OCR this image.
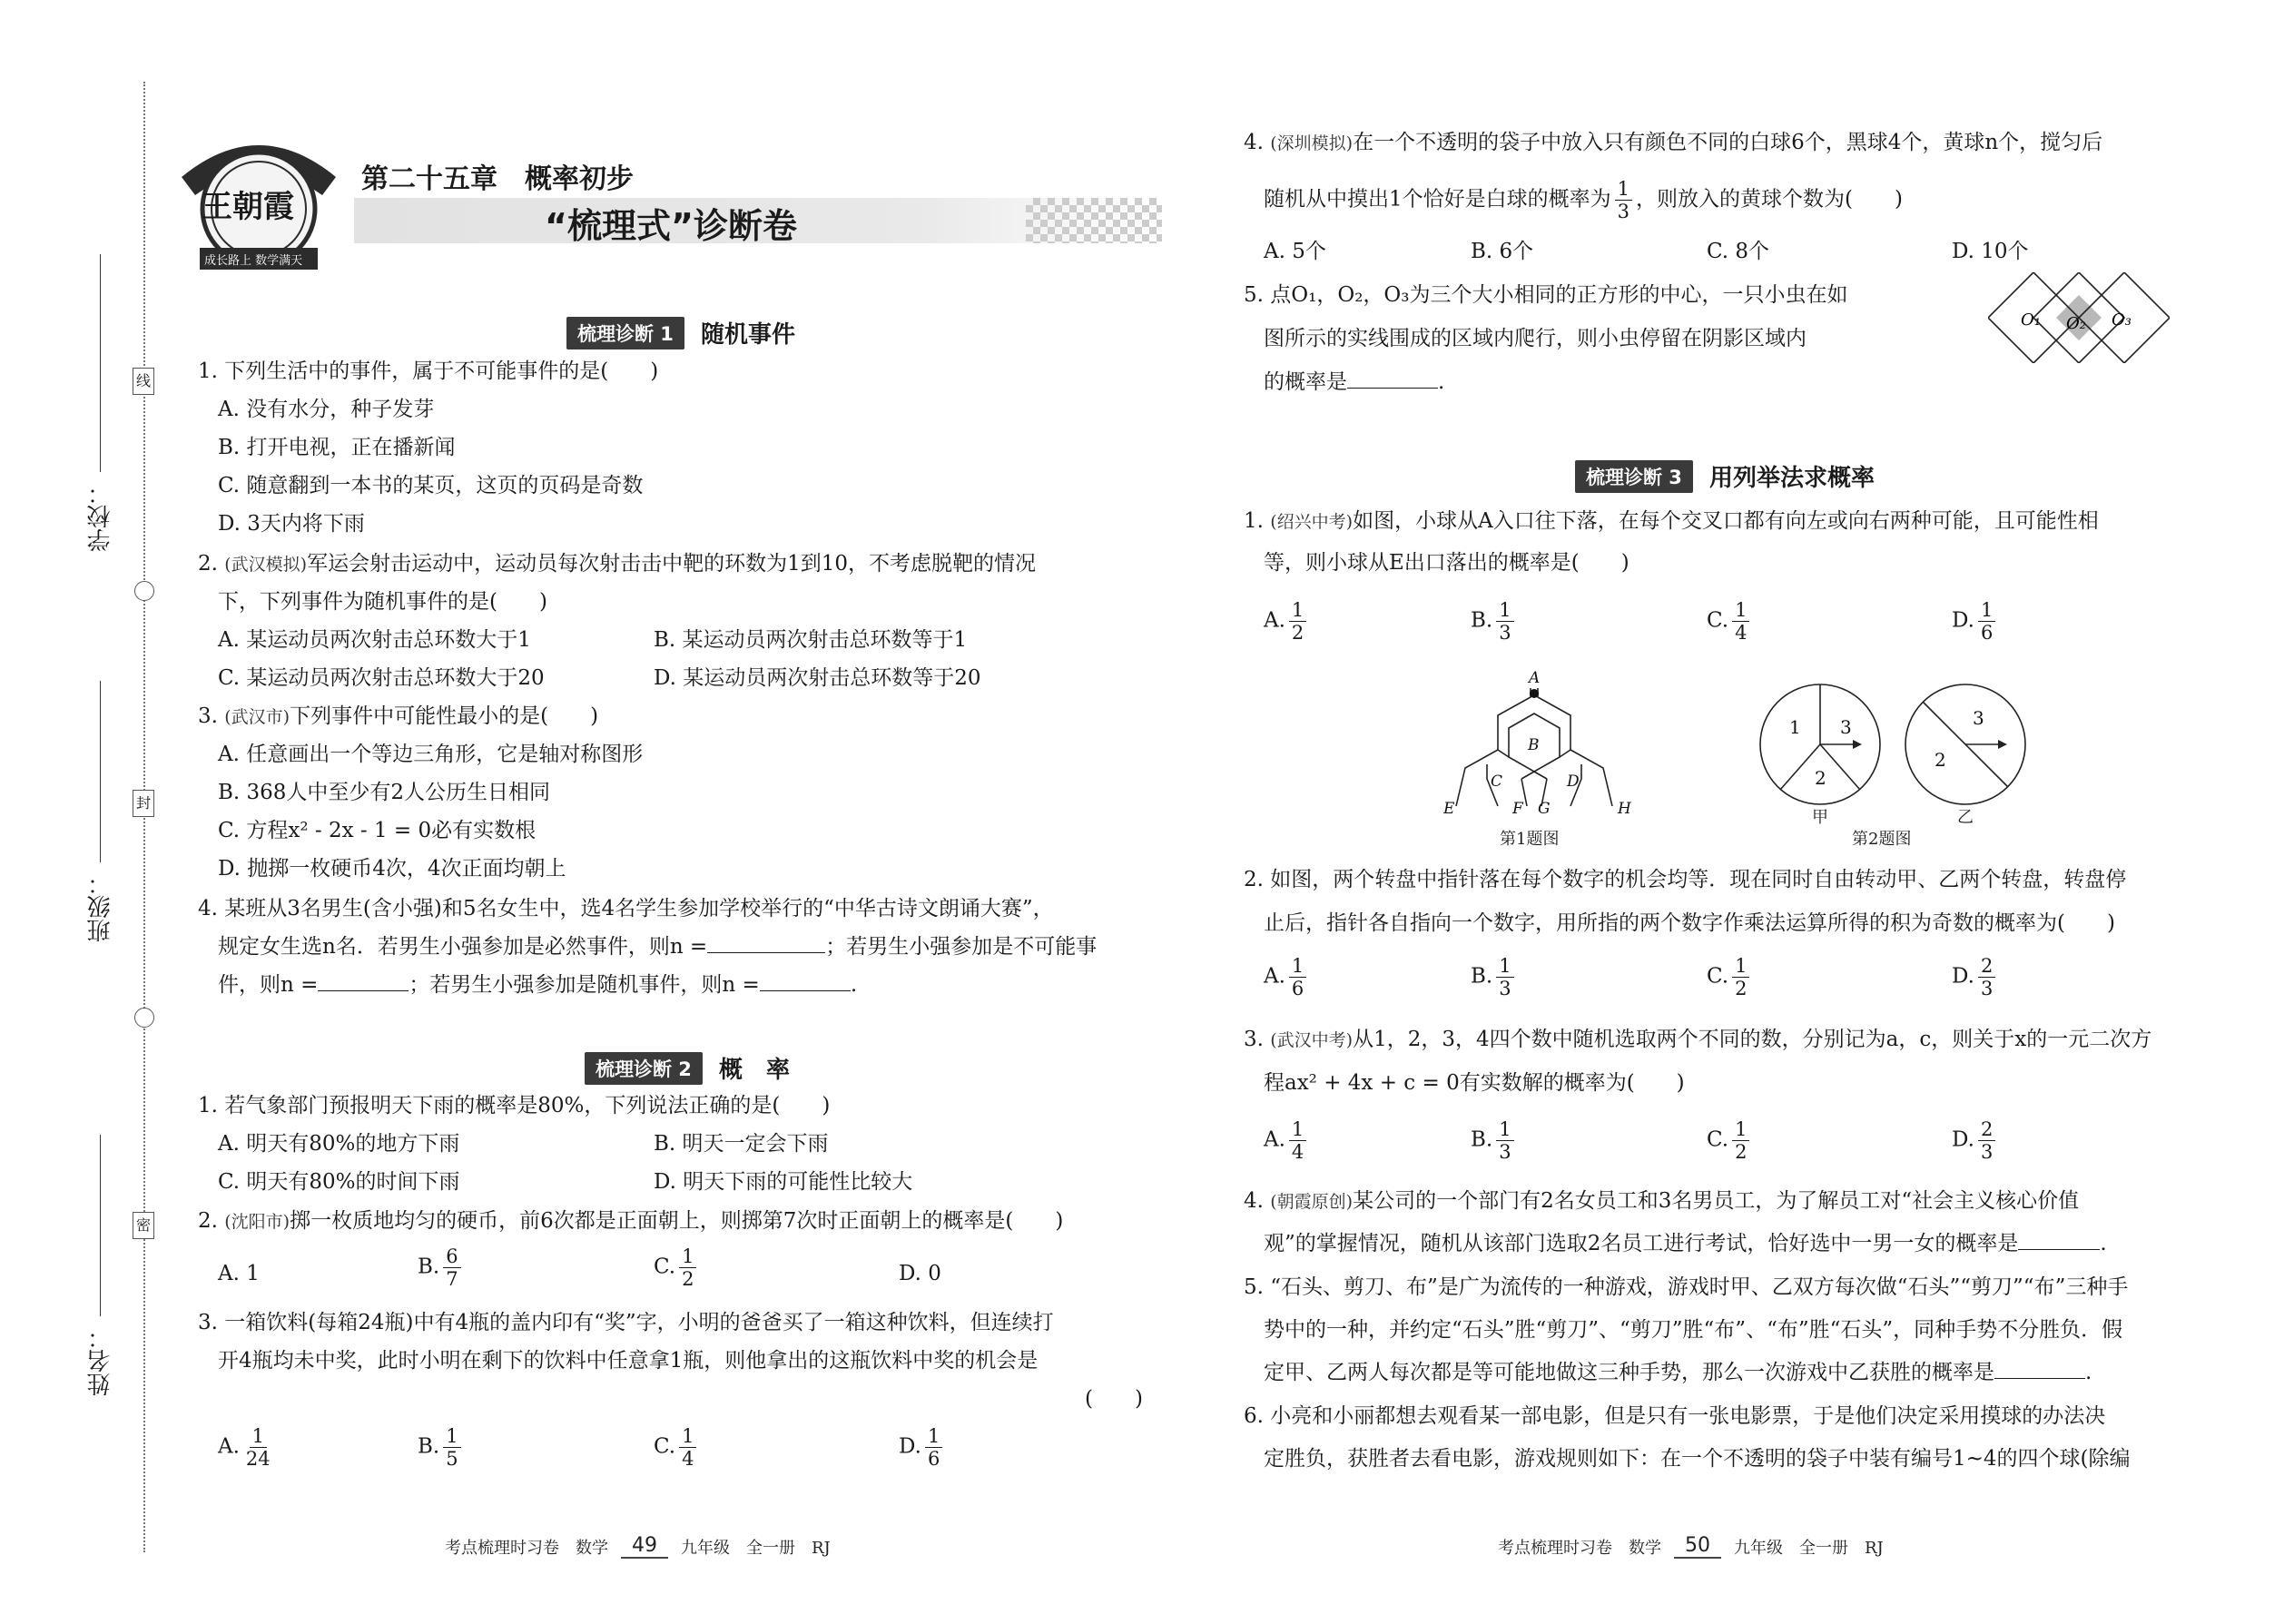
学校：
班级：
姓名：
线
封
密
王朝霞
成长路上 数学满天
第二十五章　概率初步
“梳理式”诊断卷
梳理诊断 1	随机事件
1. 下列生活中的事件，属于不可能事件的是(　　)
A. 没有水分，种子发芽
B. 打开电视，正在播新闻
C. 随意翻到一本书的某页，这页的页码是奇数
D. 3天内将下雨
2. (武汉模拟)军运会射击运动中，运动员每次射击击中靶的环数为1到10，不考虑脱靶的情况
下，下列事件为随机事件的是(　　)
A. 某运动员两次射击总环数大于1	B. 某运动员两次射击总环数等于1
C. 某运动员两次射击总环数大于20	D. 某运动员两次射击总环数等于20
3. (武汉市)下列事件中可能性最小的是(　　)
A. 任意画出一个等边三角形，它是轴对称图形
B. 368人中至少有2人公历生日相同
C. 方程x² - 2x - 1 = 0必有实数根
D. 抛掷一枚硬币4次，4次正面均朝上
4. 某班从3名男生(含小强)和5名女生中，选4名学生参加学校举行的“中华古诗文朗诵大赛”，
规定女生选n名．若男生小强参加是必然事件，则n =	；若男生小强参加是不可能事
件，则n =	；若男生小强参加是随机事件，则n =	.
梳理诊断 2	概　率
1. 若气象部门预报明天下雨的概率是80%，下列说法正确的是(　　)
A. 明天有80%的地方下雨	B. 明天一定会下雨
C. 明天有80%的时间下雨	D. 明天下雨的可能性比较大
2. (沈阳市)掷一枚质地均匀的硬币，前6次都是正面朝上，则掷第7次时正面朝上的概率是(　　)
A. 1	B. $\frac{6}{7}$	C. $\frac{1}{2}$	D. 0
3. 一箱饮料(每箱24瓶)中有4瓶的盖内印有“奖”字，小明的爸爸买了一箱这种饮料，但连续打
开4瓶均未中奖，此时小明在剩下的饮料中任意拿1瓶，则他拿出的这瓶饮料中奖的机会是
(　　)
A. $\frac{1}{24}$	B. $\frac{1}{5}$	C. $\frac{1}{4}$	D. $\frac{1}{6}$
考点梳理时习卷　数学	49	九年级　全一册　RJ
4. (深圳模拟)在一个不透明的袋子中放入只有颜色不同的白球6个，黑球4个，黄球n个，搅匀后
随机从中摸出1个恰好是白球的概率为 $\frac{1}{3}$ ，则放入的黄球个数为(　　)
A. 5个	B. 6个	C. 8个	D. 10个
5. 点O₁，O₂，O₃为三个大小相同的正方形的中心，一只小虫在如
图所示的实线围成的区域内爬行，则小虫停留在阴影区域内
的概率是	.
O₁ O₂ O₃
梳理诊断 3	用列举法求概率
1. (绍兴中考)如图，小球从A入口往下落，在每个交叉口都有向左或向右两种可能，且可能性相
等，则小球从E出口落出的概率是(　　)
A. $\frac{1}{2}$	B. $\frac{1}{3}$	C. $\frac{1}{4}$	D. $\frac{1}{6}$
A
B
C	D
E	F G	H
第1题图
1 3
2
3
2
甲	乙
第2题图
2. 如图，两个转盘中指针落在每个数字的机会均等．现在同时自由转动甲、乙两个转盘，转盘停
止后，指针各自指向一个数字，用所指的两个数字作乘法运算所得的积为奇数的概率为(　　)
A. $\frac{1}{6}$	B. $\frac{1}{3}$	C. $\frac{1}{2}$	D. $\frac{2}{3}$
3. (武汉中考)从1，2，3，4四个数中随机选取两个不同的数，分别记为a，c，则关于x的一元二次方
程ax² + 4x + c = 0有实数解的概率为(　　)
A. $\frac{1}{4}$	B. $\frac{1}{3}$	C. $\frac{1}{2}$	D. $\frac{2}{3}$
4. (朝霞原创)某公司的一个部门有2名女员工和3名男员工，为了解员工对“社会主义核心价值
观”的掌握情况，随机从该部门选取2名员工进行考试，恰好选中一男一女的概率是	.
5. “石头、剪刀、布”是广为流传的一种游戏，游戏时甲、乙双方每次做“石头”“剪刀”“布”三种手
势中的一种，并约定“石头”胜“剪刀”、“剪刀”胜“布”、“布”胜“石头”，同种手势不分胜负．假
定甲、乙两人每次都是等可能地做这三种手势，那么一次游戏中乙获胜的概率是	.
6. 小亮和小丽都想去观看某一部电影，但是只有一张电影票，于是他们决定采用摸球的办法决
定胜负，获胜者去看电影，游戏规则如下：在一个不透明的袋子中装有编号1~4的四个球(除编
考点梳理时习卷　数学	50	九年级　全一册　RJ
